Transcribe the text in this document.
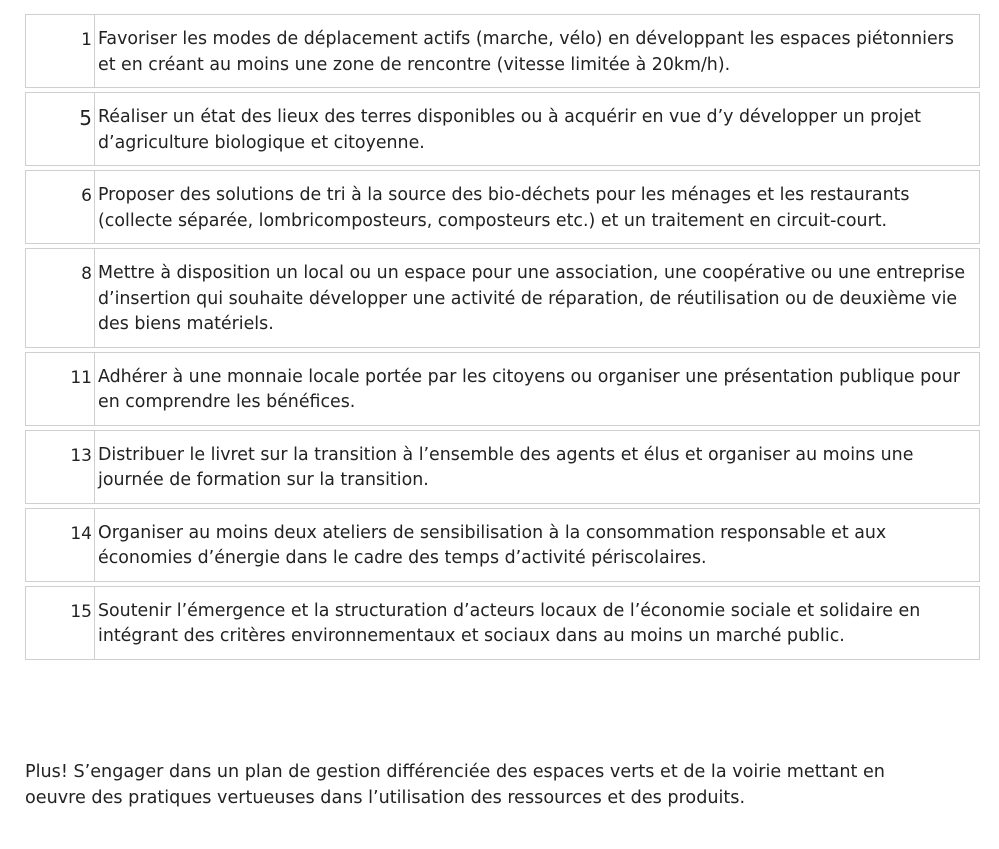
1 Favoriser les modes de déplacement actifs (marche, vélo) en développant les espaces piétonniers et en créant au moins une zone de rencontre (vitesse limitée à 20km/h).
5 Réaliser un état des lieux des terres disponibles ou à acquérir en vue d’y développer un projet d’agriculture biologique et citoyenne.
6 Proposer des solutions de tri à la source des bio-déchets pour les ménages et les restaurants (collecte séparée, lombricomposteurs, composteurs etc.) et un traitement en circuit-court.
8 Mettre à disposition un local ou un espace pour une association, une coopérative ou une entreprise d’insertion qui souhaite développer une activité de réparation, de réutilisation ou de deuxième vie des biens matériels.
11 Adhérer à une monnaie locale portée par les citoyens ou organiser une présentation publique pour en comprendre les bénéfices.
13 Distribuer le livret sur la transition à l’ensemble des agents et élus et organiser au moins une journée de formation sur la transition.
14 Organiser au moins deux ateliers de sensibilisation à la consommation responsable et aux économies d’énergie dans le cadre des temps d’activité périscolaires.
15 Soutenir l’émergence et la structuration d’acteurs locaux de l’économie sociale et solidaire en intégrant des critères environnementaux et sociaux dans au moins un marché public.
Plus! S’engager dans un plan de gestion différenciée des espaces verts et de la voirie mettant en oeuvre des pratiques vertueuses dans l’utilisation des ressources et des produits.
